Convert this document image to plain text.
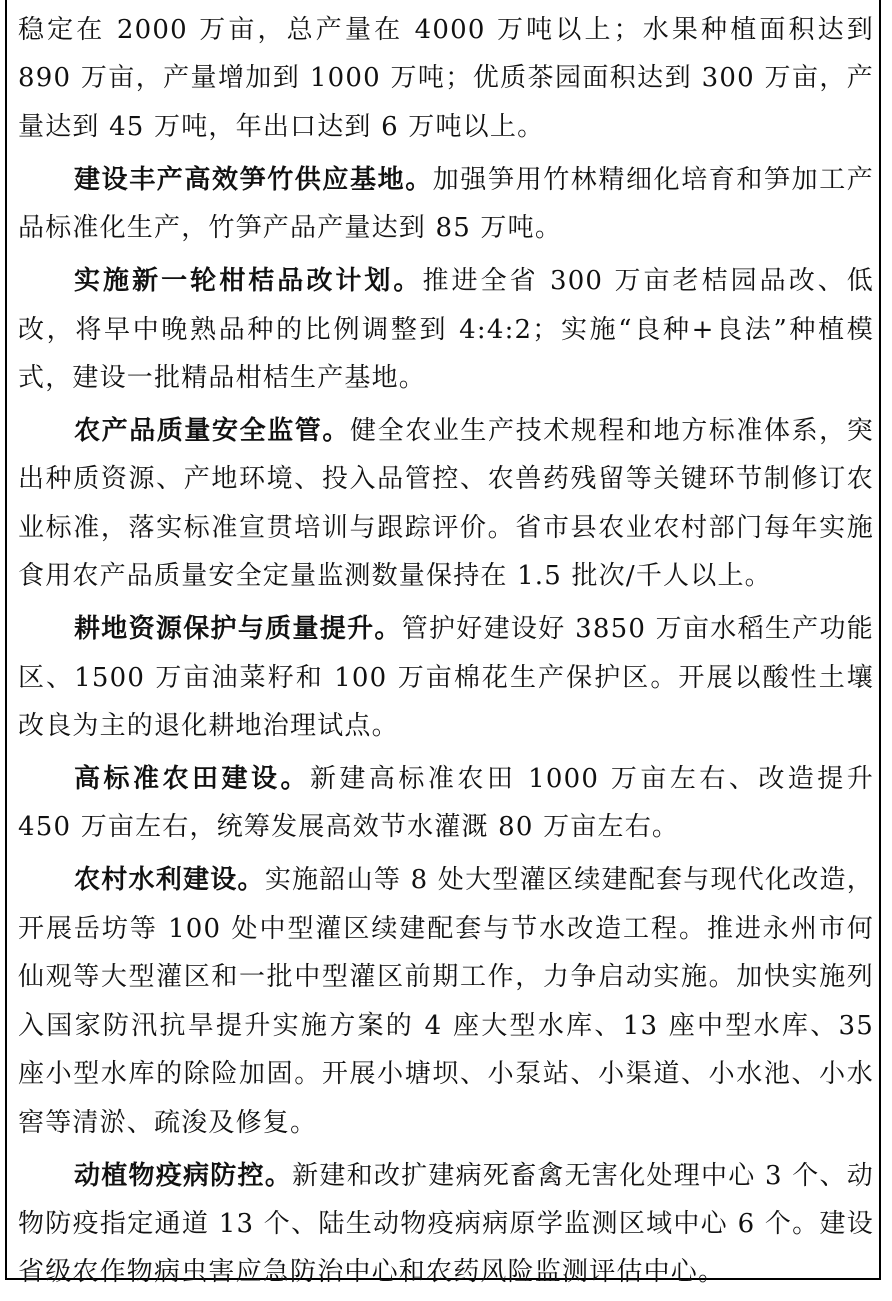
稳定在 2000 万亩，总产量在 4000 万吨以上；水果种植面积达到 890 万亩，产量增加到 1000 万吨；优质茶园面积达到 300 万亩，产量达到 45 万吨，年出口达到 6 万吨以上。

建设丰产高效笋竹供应基地。加强笋用竹林精细化培育和笋加工产品标准化生产，竹笋产品产量达到 85 万吨。

实施新一轮柑桔品改计划。推进全省 300 万亩老桔园品改、低改，将早中晚熟品种的比例调整到 4:4:2；实施“良种+良法”种植模式，建设一批精品柑桔生产基地。

农产品质量安全监管。健全农业生产技术规程和地方标准体系，突出种质资源、产地环境、投入品管控、农兽药残留等关键环节制修订农业标准，落实标准宣贯培训与跟踪评价。省市县农业农村部门每年实施食用农产品质量安全定量监测数量保持在 1.5 批次/千人以上。

耕地资源保护与质量提升。管护好建设好 3850 万亩水稻生产功能区、1500 万亩油菜籽和 100 万亩棉花生产保护区。开展以酸性土壤改良为主的退化耕地治理试点。

高标准农田建设。新建高标准农田 1000 万亩左右、改造提升 450 万亩左右，统筹发展高效节水灌溉 80 万亩左右。

农村水利建设。实施韶山等 8 处大型灌区续建配套与现代化改造，开展岳坊等 100 处中型灌区续建配套与节水改造工程。推进永州市何仙观等大型灌区和一批中型灌区前期工作，力争启动实施。加快实施列入国家防汛抗旱提升实施方案的 4 座大型水库、13 座中型水库、35 座小型水库的除险加固。开展小塘坝、小泵站、小渠道、小水池、小水窖等清淤、疏浚及修复。

动植物疫病防控。新建和改扩建病死畜禽无害化处理中心 3 个、动物防疫指定通道 13 个、陆生动物疫病病原学监测区域中心 6 个。建设省级农作物病虫害应急防治中心和农药风险监测评估中心。
